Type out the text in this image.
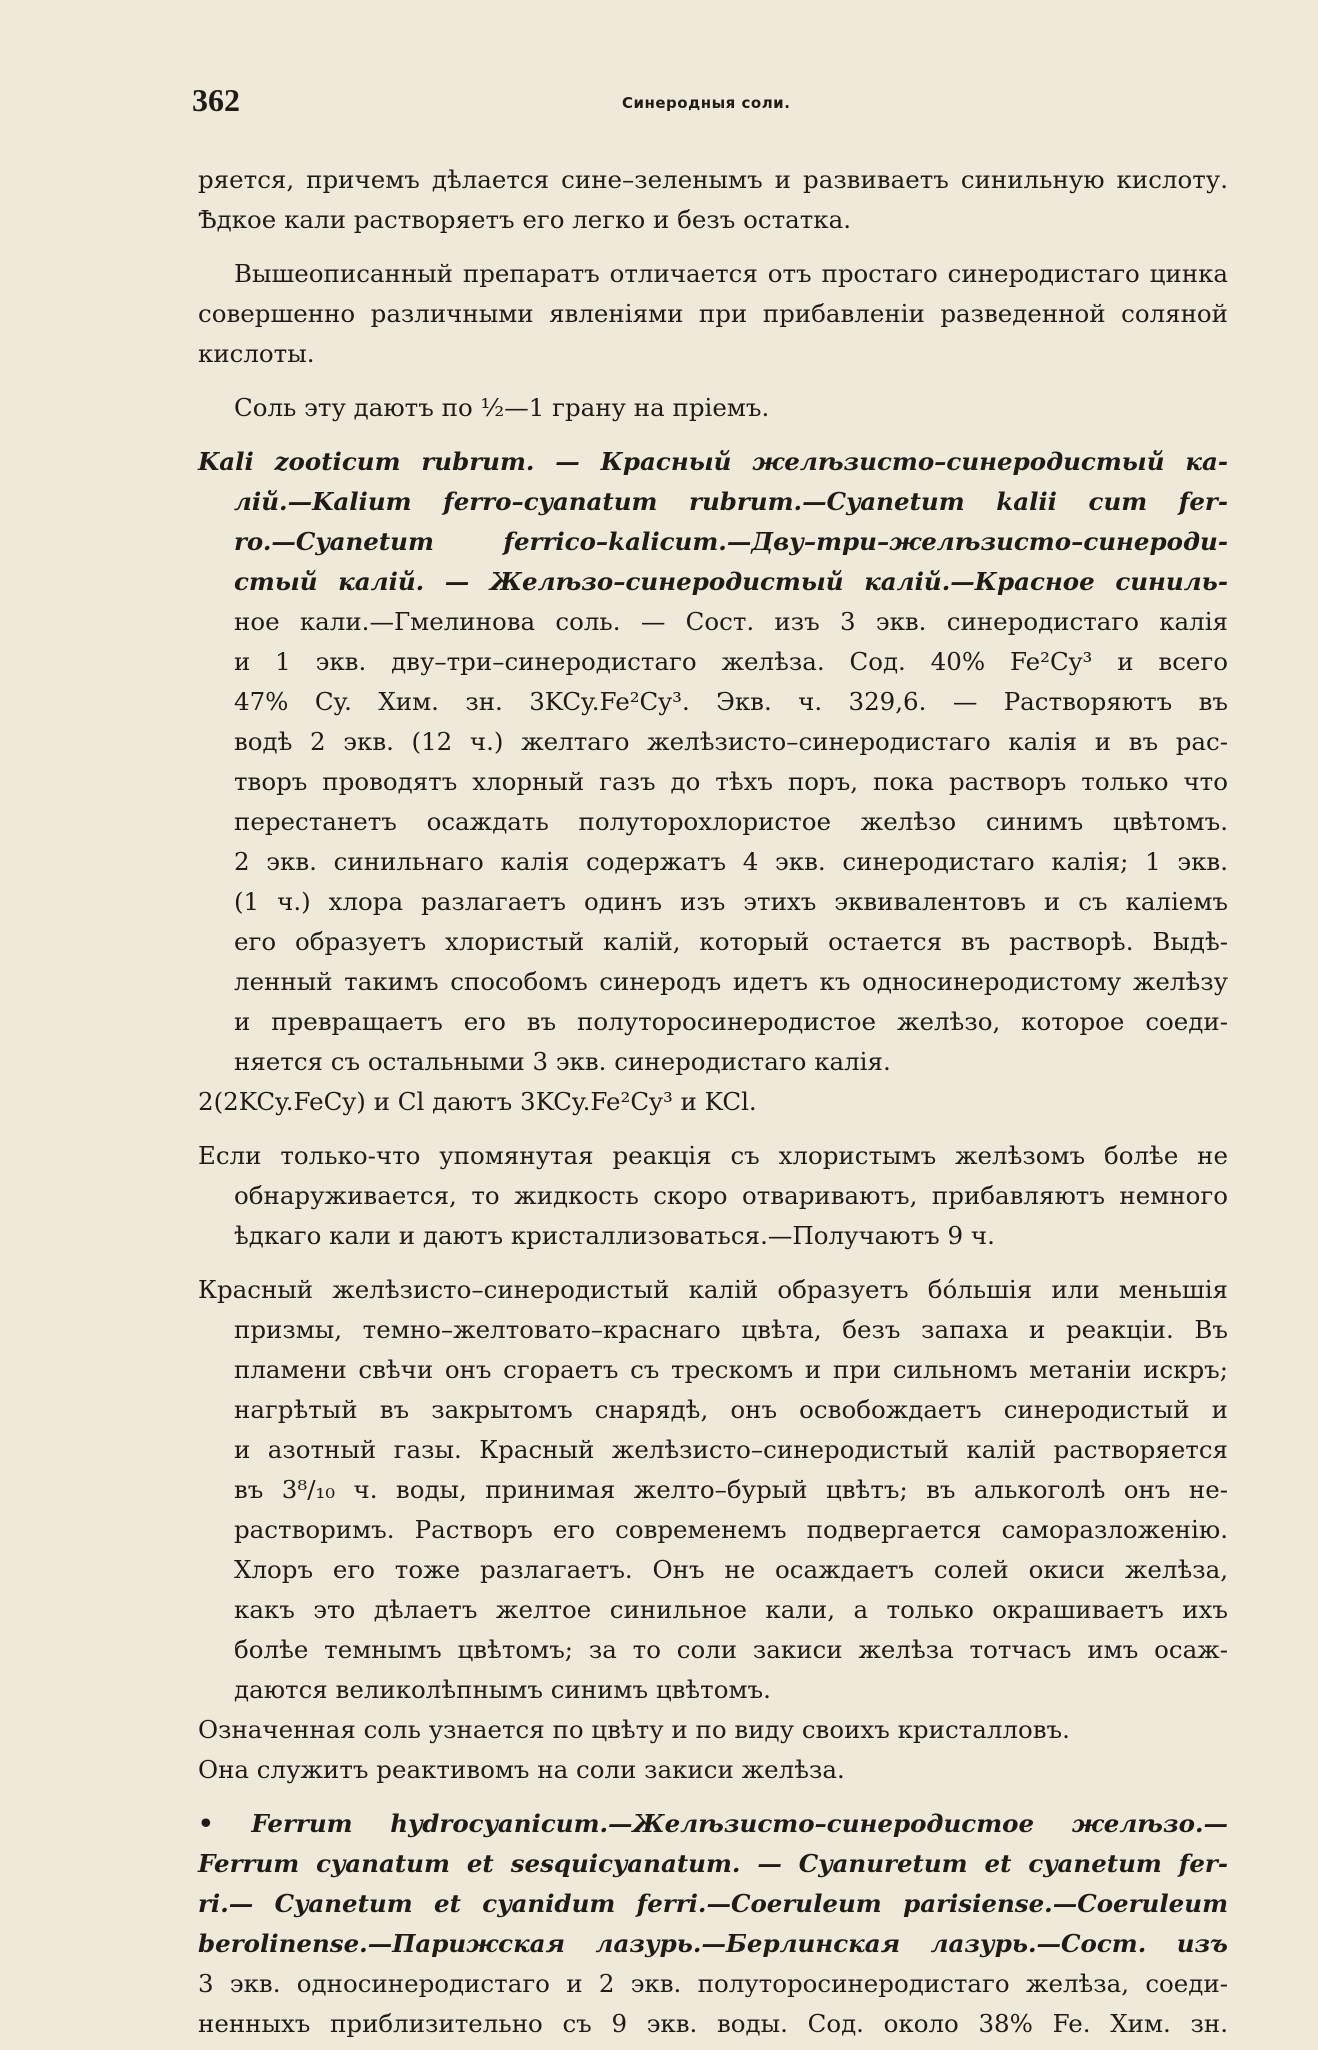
362	Синеродныя соли.
ряется, причемъ дѣлается сине–зеленымъ и развиваетъ синильную кислоту.
Ѣдкое кали растворяетъ его легко и безъ остатка.
Вышеописанный препаратъ отличается отъ простаго синеродистаго цинка
совершенно различными явленіями при прибавленіи разведенной соляной
кислоты.
Соль эту даютъ по ½—1 грану на пріемъ.
Kali zooticum rubrum. — Красный желѣзисто–синеродистый ка-
лій.—Kalium ferro–cyanatum rubrum.—Cyanetum kalii cum fer-
ro.—Cyanetum ferrico–kalicum.—Дву–три–желѣзисто–синероди-
стый калій. — Желѣзо–синеродистый калій.—Красное синиль-
ное кали.—Гмелинова соль. — Сост. изъ 3 экв. синеродистаго калія
и 1 экв. дву–три–синеродистаго желѣза. Сод. 40% Fe²Cy³ и всего
47% Cy. Хим. зн. 3KCy.Fe²Cy³. Экв. ч. 329,6. — Растворяютъ въ
водѣ 2 экв. (12 ч.) желтаго желѣзисто–синеродистаго калія и въ рас-
творъ проводятъ хлорный газъ до тѣхъ поръ, пока растворъ только что
перестанетъ осаждать полуторохлористое желѣзо синимъ цвѣтомъ.
2 экв. синильнаго калія содержатъ 4 экв. синеродистаго калія; 1 экв.
(1 ч.) хлора разлагаетъ одинъ изъ этихъ эквивалентовъ и съ каліемъ
его образуетъ хлористый калій, который остается въ растворѣ. Выдѣ-
ленный такимъ способомъ синеродъ идетъ къ односинеродистому желѣзу
и превращаетъ его въ полуторосинеродистое желѣзо, которое соеди-
няется съ остальными 3 экв. синеродистаго калія.
2(2KCy.FeCy) и Cl даютъ 3KCy.Fe²Cy³ и KCl.
Если только-что упомянутая реакція съ хлористымъ желѣзомъ болѣе не
обнаруживается, то жидкость скоро отвариваютъ, прибавляютъ немного
ѣдкаго кали и даютъ кристаллизоваться.—Получаютъ 9 ч.
Красный желѣзисто–синеродистый калій образуетъ бóльшія или меньшія
призмы, темно–желтовато–краснаго цвѣта, безъ запаха и реакціи. Въ
пламени свѣчи онъ сгораетъ съ трескомъ и при сильномъ метаніи искръ;
нагрѣтый въ закрытомъ снарядѣ, онъ освобождаетъ синеродистый и
и азотный газы. Красный желѣзисто–синеродистый калій растворяется
въ 3⁸/₁₀ ч. воды, принимая желто–бурый цвѣтъ; въ алькоголѣ онъ не-
растворимъ. Растворъ его современемъ подвергается саморазложенію.
Хлоръ его тоже разлагаетъ. Онъ не осаждаетъ солей окиси желѣза,
какъ это дѣлаетъ желтое синильное кали, а только окрашиваетъ ихъ
болѣе темнымъ цвѣтомъ; за то соли закиси желѣза тотчасъ имъ осаж-
даются великолѣпнымъ синимъ цвѣтомъ.
Означенная соль узнается по цвѣту и по виду своихъ кристалловъ.
Она служитъ реактивомъ на соли закиси желѣза.
• Ferrum hydrocyanicum.—Желѣзисто–синеродистое желѣзо.—
Ferrum cyanatum et sesquicyanatum. — Cyanuretum et cyanetum fer-
ri.— Cyanetum et cyanidum ferri.—Coeruleum parisiense.—Coeruleum
berolinense.—Парижская лазурь.—Берлинская лазурь.—Сост. изъ
3 экв. односинеродистаго и 2 экв. полуторосинеродистаго желѣза, соеди-
ненныхъ приблизительно съ 9 экв. воды. Сод. около 38% Fe. Хим. зн.
